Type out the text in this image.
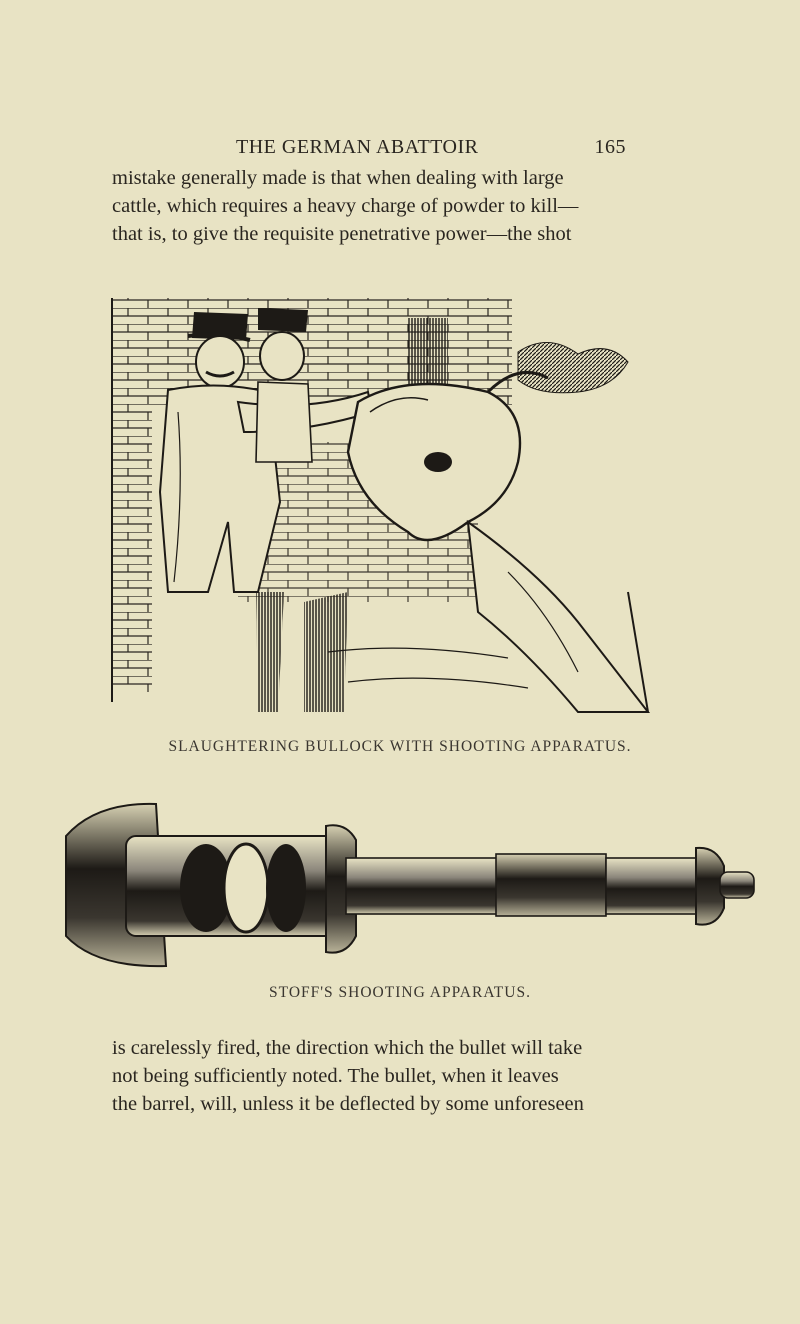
THE GERMAN ABATTOIR	165

mistake generally made is that when dealing with large
cattle, which requires a heavy charge of powder to kill—
that is, to give the requisite penetrative power—the shot

SLAUGHTERING BULLOCK WITH SHOOTING APPARATUS.
STOFF'S SHOOTING APPARATUS.

is carelessly fired, the direction which the bullet will take
not being sufficiently noted. The bullet, when it leaves
the barrel, will, unless it be deflected by some unforeseen
